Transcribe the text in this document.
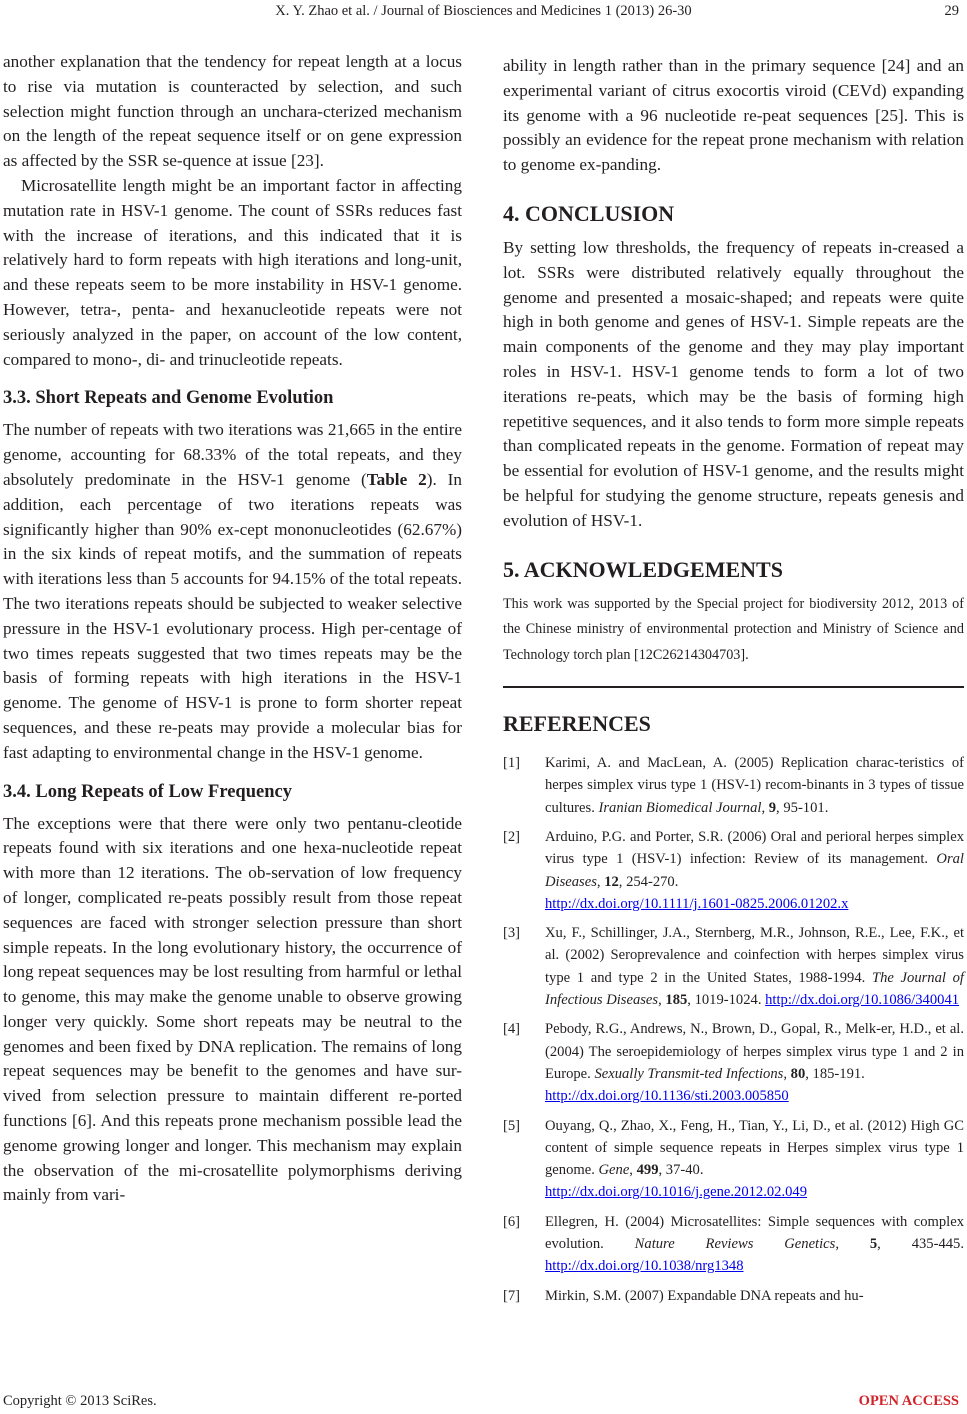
X. Y. Zhao et al. / Journal of Biosciences and Medicines 1 (2013) 26-30	29

another explanation that the tendency for repeat length at a locus to rise via mutation is counteracted by selection, and such selection might function through an unchara-cterized mechanism on the length of the repeat sequence itself or on gene expression as affected by the SSR se-quence at issue [23].

Microsatellite length might be an important factor in affecting mutation rate in HSV-1 genome. The count of SSRs reduces fast with the increase of iterations, and this indicated that it is relatively hard to form repeats with high iterations and long-unit, and these repeats seem to be more instability in HSV-1 genome. However, tetra-, penta- and hexanucleotide repeats were not seriously analyzed in the paper, on account of the low content, compared to mono-, di- and trinucleotide repeats.

3.3. Short Repeats and Genome Evolution

The number of repeats with two iterations was 21,665 in the entire genome, accounting for 68.33% of the total repeats, and they absolutely predominate in the HSV-1 genome (Table 2). In addition, each percentage of two iterations repeats was significantly higher than 90% ex-cept mononucleotides (62.67%) in the six kinds of repeat motifs, and the summation of repeats with iterations less than 5 accounts for 94.15% of the total repeats. The two iterations repeats should be subjected to weaker selective pressure in the HSV-1 evolutionary process. High per-centage of two times repeats suggested that two times repeats may be the basis of forming repeats with high iterations in the HSV-1 genome. The genome of HSV-1 is prone to form shorter repeat sequences, and these re-peats may provide a molecular bias for fast adapting to environmental change in the HSV-1 genome.

3.4. Long Repeats of Low Frequency

The exceptions were that there were only two pentanu-cleotide repeats found with six iterations and one hexa-nucleotide repeat with more than 12 iterations. The ob-servation of low frequency of longer, complicated re-peats possibly result from those repeat sequences are faced with stronger selection pressure than short simple repeats. In the long evolutionary history, the occurrence of long repeat sequences may be lost resulting from harmful or lethal to genome, this may make the genome unable to observe growing longer very quickly. Some short repeats may be neutral to the genomes and been fixed by DNA replication. The remains of long repeat sequences may be benefit to the genomes and have sur-vived from selection pressure to maintain different re-ported functions [6]. And this repeats prone mechanism possible lead the genome growing longer and longer. This mechanism may explain the observation of the mi-crosatellite polymorphisms deriving mainly from vari-

ability in length rather than in the primary sequence [24] and an experimental variant of citrus exocortis viroid (CEVd) expanding its genome with a 96 nucleotide re-peat sequences [25]. This is possibly an evidence for the repeat prone mechanism with relation to genome ex-panding.

4. CONCLUSION

By setting low thresholds, the frequency of repeats in-creased a lot. SSRs were distributed relatively equally throughout the genome and presented a mosaic-shaped; and repeats were quite high in both genome and genes of HSV-1. Simple repeats are the main components of the genome and they may play important roles in HSV-1. HSV-1 genome tends to form a lot of two iterations re-peats, which may be the basis of forming high repetitive sequences, and it also tends to form more simple repeats than complicated repeats in the genome. Formation of repeat may be essential for evolution of HSV-1 genome, and the results might be helpful for studying the genome structure, repeats genesis and evolution of HSV-1.

5. ACKNOWLEDGEMENTS

This work was supported by the Special project for biodiversity 2012, 2013 of the Chinese ministry of environmental protection and Ministry of Science and Technology torch plan [12C26214304703].

REFERENCES
[1]	Karimi, A. and MacLean, A. (2005) Replication charac-teristics of herpes simplex virus type 1 (HSV-1) recom-binants in 3 types of tissue cultures. Iranian Biomedical Journal, 9, 95-101.
[2]	Arduino, P.G. and Porter, S.R. (2006) Oral and perioral herpes simplex virus type 1 (HSV-1) infection: Review of its management. Oral Diseases, 12, 254-270.
http://dx.doi.org/10.1111/j.1601-0825.2006.01202.x
[3]	Xu, F., Schillinger, J.A., Sternberg, M.R., Johnson, R.E., Lee, F.K., et al. (2002) Seroprevalence and coinfection with herpes simplex virus type 1 and type 2 in the United States, 1988-1994. The Journal of Infectious Diseases, 185, 1019-1024. http://dx.doi.org/10.1086/340041
[4]	Pebody, R.G., Andrews, N., Brown, D., Gopal, R., Melk-er, H.D., et al. (2004) The seroepidemiology of herpes simplex virus type 1 and 2 in Europe. Sexually Transmit-ted Infections, 80, 185-191.
http://dx.doi.org/10.1136/sti.2003.005850
[5]	Ouyang, Q., Zhao, X., Feng, H., Tian, Y., Li, D., et al. (2012) High GC content of simple sequence repeats in Herpes simplex virus type 1 genome. Gene, 499, 37-40.
http://dx.doi.org/10.1016/j.gene.2012.02.049
[6]	Ellegren, H. (2004) Microsatellites: Simple sequences with complex evolution. Nature Reviews Genetics, 5, 435-445. http://dx.doi.org/10.1038/nrg1348
[7]	Mirkin, S.M. (2007) Expandable DNA repeats and hu-
Copyright © 2013 SciRes.	OPEN ACCESS
